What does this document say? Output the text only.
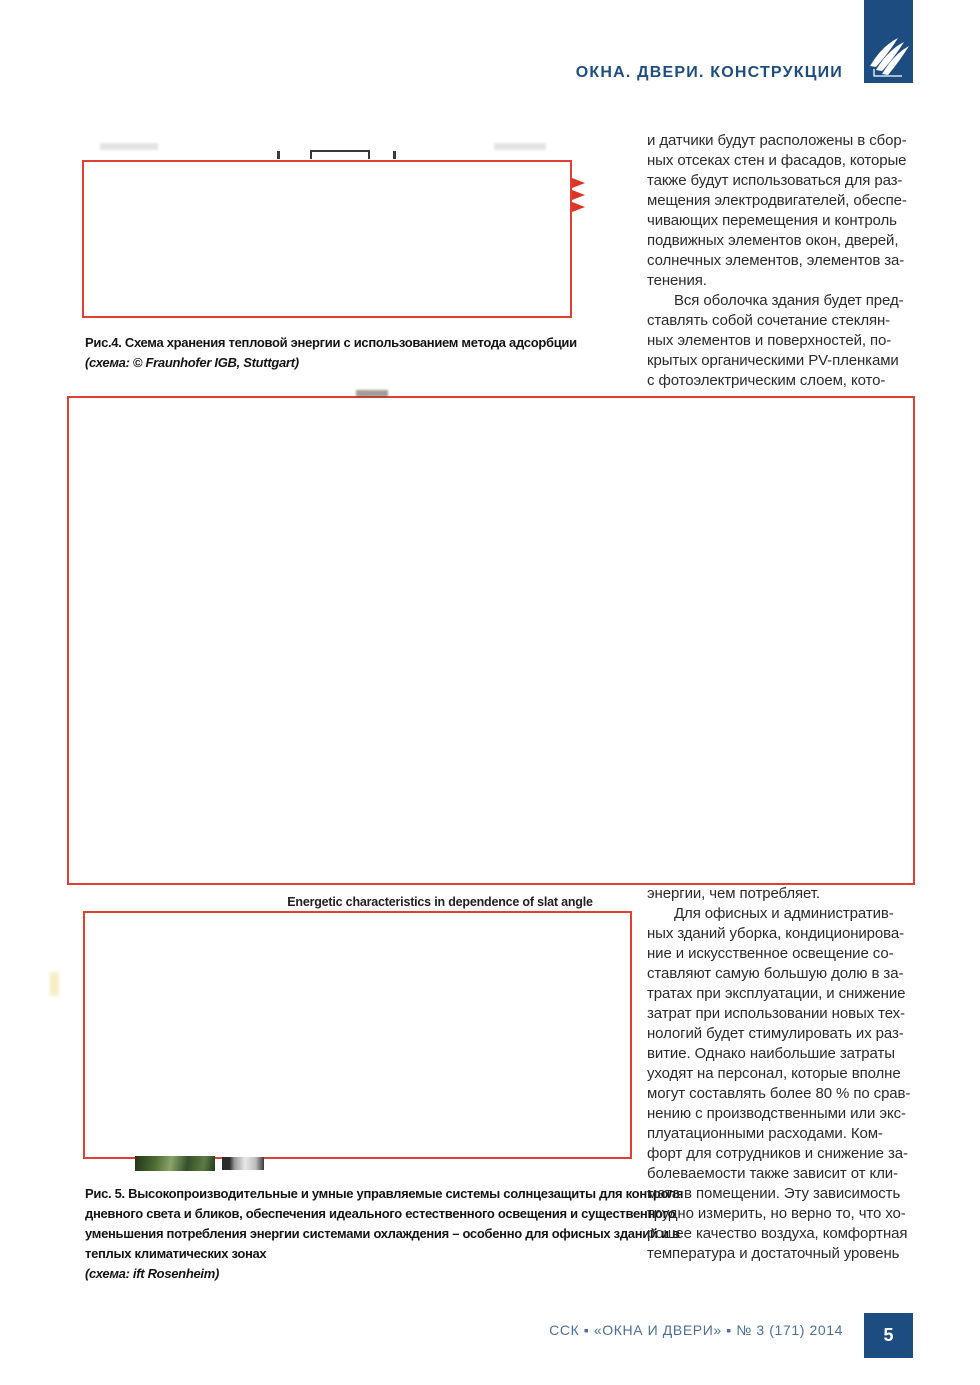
ОКНА. ДВЕРИ. КОНСТРУКЦИИ
Рис.4. Схема хранения тепловой энергии с использованием метода адсорбции
(схема: © Fraunhofer IGB, Stuttgart)
Energetic characteristics in dependence of slat angle
Рис. 5. Высокопроизводительные и умные управляемые системы солнцезащиты для контроля
дневного света и бликов, обеспечения идеального естественного освещения и существенного
уменьшения потребления энергии системами охлаждения – особенно для офисных зданий и в
теплых климатических зонах
(схема: ift Rosenheim)
и датчики будут расположены в сбор-
ных отсеках стен и фасадов, которые
также будут использоваться для раз-
мещения электродвигателей, обеспе-
чивающих перемещения и контроль
подвижных элементов окон, дверей,
солнечных элементов, элементов за-
тенения.
Вся оболочка здания будет пред-
ставлять собой сочетание стеклян-
ных элементов и поверхностей, по-
крытых органическими PV-пленками
с фотоэлектрическим слоем, кото-
энергии, чем потребляет.
Для офисных и административ-
ных зданий уборка, кондиционирова-
ние и искусственное освещение со-
ставляют самую большую долю в за-
тратах при эксплуатации, и снижение
затрат при использовании новых тех-
нологий будет стимулировать их раз-
витие. Однако наибольшие затраты
уходят на персонал, которые вполне
могут составлять более 80 % по срав-
нению с производственными или экс-
плуатационными расходами. Ком-
форт для сотрудников и снижение за-
болеваемости также зависит от кли-
мата в помещении. Эту зависимость
трудно измерить, но верно то, что хо-
рошее качество воздуха, комфортная
температура и достаточный уровень
ССК ▪ «ОКНА И ДВЕРИ» ▪ № 3 (171) 2014	5
